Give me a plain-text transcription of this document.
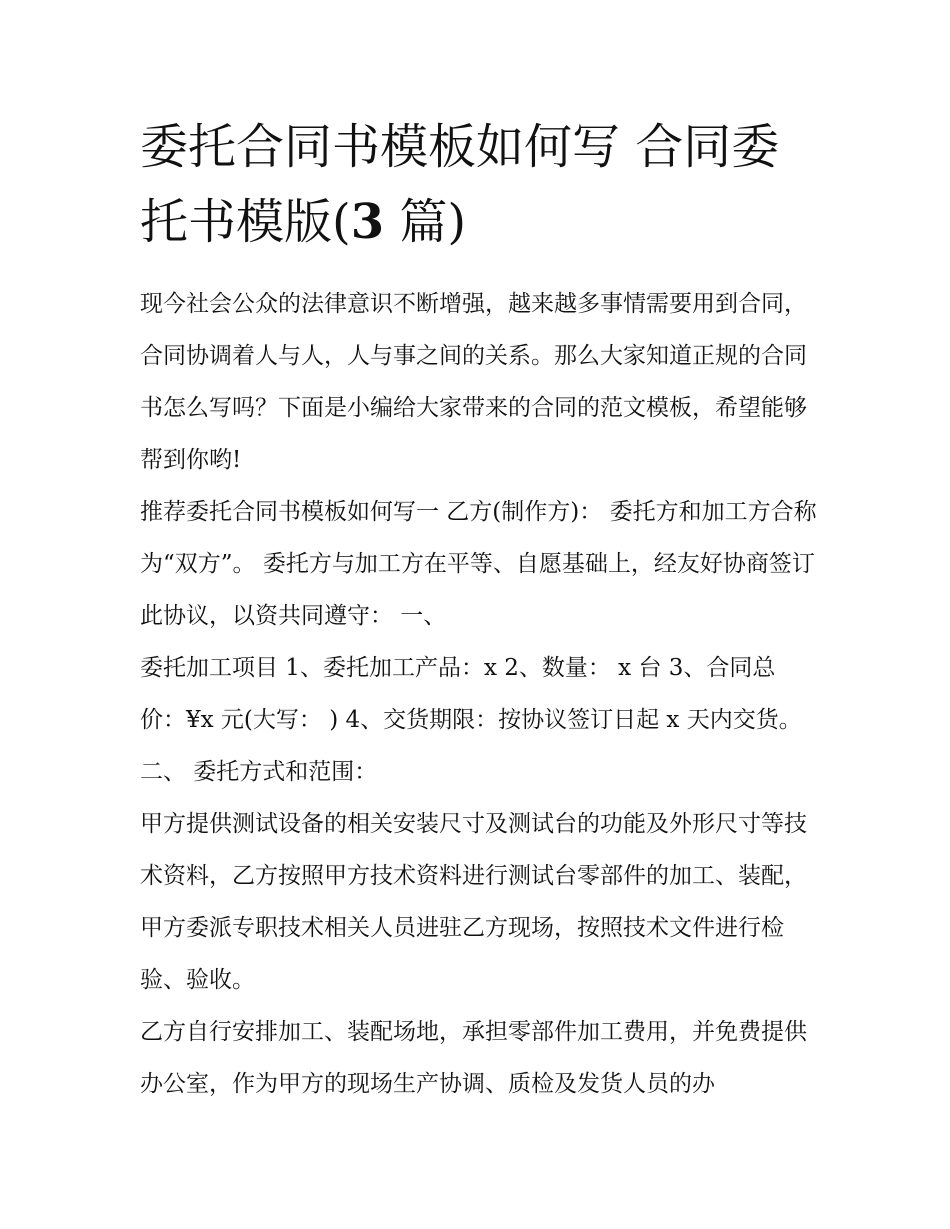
委托合同书模板如何写 合同委托书模版(3 篇)

现今社会公众的法律意识不断增强，越来越多事情需要用到合同，合同协调着人与人，人与事之间的关系。那么大家知道正规的合同书怎么写吗？下面是小编给大家带来的合同的范文模板，希望能够帮到你哟!

推荐委托合同书模板如何写一 乙方(制作方)： 委托方和加工方合称为“双方”。 委托方与加工方在平等、自愿基础上，经友好协商签订此协议，以资共同遵守： 一、

委托加工项目 1、委托加工产品：x 2、数量： x 台 3、合同总价：¥x 元(大写： ) 4、交货期限：按协议签订日起 x 天内交货。 二、 委托方式和范围：

甲方提供测试设备的相关安装尺寸及测试台的功能及外形尺寸等技术资料，乙方按照甲方技术资料进行测试台零部件的加工、装配，甲方委派专职技术相关人员进驻乙方现场，按照技术文件进行检验、验收。

乙方自行安排加工、装配场地，承担零部件加工费用，并免费提供办公室，作为甲方的现场生产协调、质检及发货人员的办
